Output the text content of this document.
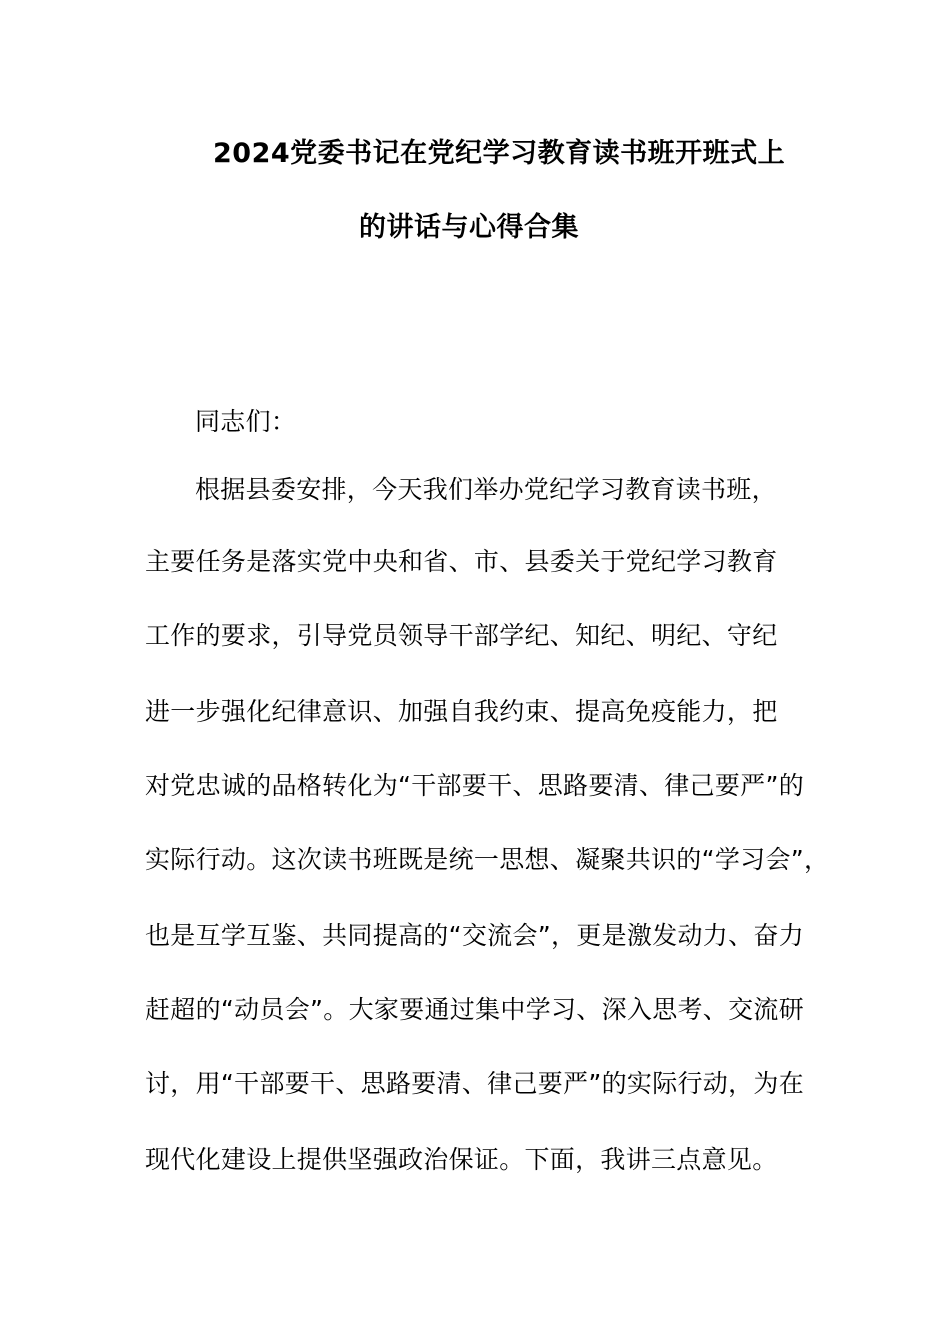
2024党委书记在党纪学习教育读书班开班式上
的讲话与心得合集
同志们：
根据县委安排，今天我们举办党纪学习教育读书班，
主要任务是落实党中央和省、市、县委关于党纪学习教育
工作的要求，引导党员领导干部学纪、知纪、明纪、守纪
进一步强化纪律意识、加强自我约束、提高免疫能力，把
对党忠诚的品格转化为“干部要干、思路要清、律己要严”的
实际行动。这次读书班既是统一思想、凝聚共识的“学习会”，
也是互学互鉴、共同提高的“交流会”，更是激发动力、奋力
赶超的“动员会”。大家要通过集中学习、深入思考、交流研
讨，用“干部要干、思路要清、律己要严”的实际行动，为在
现代化建设上提供坚强政治保证。下面，我讲三点意见。
